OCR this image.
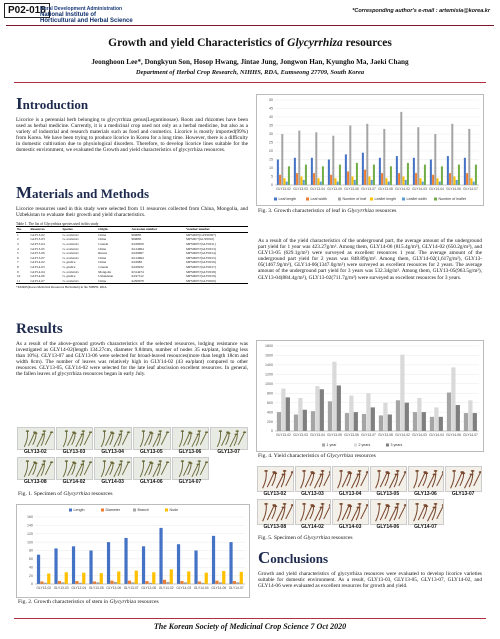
P02-018
Rural Development Administration
National Institute of
Horticultural and Herbal Science
*Corresponding author's e-mail : artemisia@korea.kr
Growth and yield Characteristics of Glycyrrhiza resources
Jeonghoon Lee*, Dongkyun Son, Hosop Hwang, Jintae Jung, Jongwon Han, Kyungho Ma, Jaeki Chang
Department of Herbal Crop Research, NIHHS, RDA, Eumseong 27709, South Korea
Introduction
Licorice is a perennial herb belonging to glycyrrhiza genus(Leguminosae). Roots and rhizomes have been used as herbal medicine. Currently, it is a medicinal crop used not only as a herbal medicine, but also as a variety of industrial and research materials such as food and cosmetics. Licorice is mostly imported(99%) from Korea. We have been trying to produce licorice in Korea for a long time. However, there is a difficulty in domestic cultivation due to physiological disorders. Therefore, to develop licorice lines suitable for the domestic environment, we evaluated the Growth and yield characteristics of glycyrrhiza resources.
Materials and Methods
Licorice resources used in this study were selected from 11 resources collected from China, Mongolia, and Uzbekistan to evaluate their growth and yield characteristics.
Table 1. The list of Glycyrrhiza species used in this study
No.	Resources	Species	Origin	Accession number	Voucher number
1	GLY13-02	G. uralensis	China	969685	MPS000?(GLY0009*)
2	GLY13-03	G. uralensis	China	969685	MPS00??(GLY0010)
3	GLY13-04	G. uralensis	Canada	K169959	MPS000??(GLY0011)
4	GLY13-05	G. uralensis	China	K124694	MPS000??(GLY0013)
5	GLY13-06	G. uralensis	Russia	K169997	MPS000??(GLY0014)
6	GLY13-07	G. uralensis	China	K124694	MPS000??(GLY0015)
7	GLY14-02	G. glabra	China	K16982	MPS000??(GLY0016)
8	GLY14-03	G. glabra	Canada	K169932	MPS000??(GLY0017)
9	GLY14-04	G. uralensis	Mongolia	K314474	MPS000??(GLY0018)
10	GLY14-06	G. glabra	Uzbekistan	K197312	MPS000??(GLY0019)
11	GLY14-07	G. uralensis	China	K299978	MPS000??(GLY0020)
*KMRIS(Korea Medicinal Resources Herbarium) in the NIHHS, RDA
Results
As a result of the above-ground growth characteristics of the selected resources, lodging resistance was investigated as GLY14-02(length 134.27cm, diameter 9.84mm, number of nodes 35 ea/plant, lodging less than 10%). GLY13-07 and GLY13-06 were selected for broad-leaved resources(more than length 18cm and width 8cm). The number of leaves was relatively high in GLY14-02 (43 ea/plant) compared to other resources. GLY13-05, GLY14-02 were selected for the late leaf abscission excellent resources. In general, the fallen leaves of glycyrrhiza resources began in early July.
GLY13-02	GLY13-03	GLY13-04	GLY13-05	GLY13-06	GLY13-07
GLY13-08	GLY14-02	GLY14-03	GLY14-06	GLY14-07
Fig. 1. Specimen of Glycyrrhiza resources
0
20
40
60
80
100
120
140
160
GLY13-02 GLY13-03 GLY13-04 GLY13-05 GLY13-06 GLY13-07 GLY13-08 GLY14-02 GLY14-03 GLY14-04 GLY14-06 GLY14-07
Length	Diameter	Branch	Node
Fig. 2. Growth characteristics of stem in Glycyrrhiza resources
0
5
10
15
20
25
30
35
40
45
50
GLY13-02 GLY13-03 GLY13-04 GLY13-05 GLY13-06 GLY13-07 GLY13-08 GLY14-02 GLY14-03 GLY14-04 GLY14-06 GLY14-07
Leaf length	Leaf width	Number of leaf Leaflet length	Leaflet width	Number of leaflet
Fig. 3. Growth characteristics of leaf in Glycyrrhiza resources
As a result of the yield characteristics of the underground part, the average amount of the underground part yield for 1 year was 423.27g/m². Among them, GLY14-06 (815.4g/m²), GLY14-02 (650.2g/m²), and GLY13-05 (629.1g/m²) were surveyed as excellent resources 1 year. The average amount of the underground part yield for 2 years was 848.89g/m². Among them, GLY14-02(1,617g/m²), GLY13-05(1467.9g/m²), GLY14-06(1347.0g/m²) were surveyed as excellent resources for 2 years. The average amount of the underground part yield for 3 years was 532.34g/m². Among them, GLY13-05(963.5g/m²), GLY13-04(884.4g/m²), GLY13-02(711.7g/m²) were surveyed as excellent resources for 3 years.
0
200
400
600
800
1000
1200
1400
1600
1800
GLY13-02 GLY13-03 GLY13-04 GLY13-05 GLY13-06 GLY13-07 GLY13-08 GLY14-02 GLY14-03 GLY14-04 GLY14-06 GLY14-07
1 year	2 years	3 years
Fig. 4. Yield characteristics of Glycyrrhiza resources
GLY13-02	GLY13-03	GLY13-04	GLY13-05	GLY13-06	GLY13-07
GLY13-08	GLY14-02	GLY14-03	GLY14-06	GLY14-07
Fig. 5. Specimen of Glycyrrhiza resources
Conclusions
Growth and yield characteristics of glycyrrhiza resources were evaluated to develop licorice varieties suitable for domestic environment. As a result, GLY13-03, GLY13-05, GLY13-07, GLY14-02, and GLY14-06 were evaluated as excellent resources for growth and yield.
The Korean Society of Medicinal Crop Science 7 Oct 2020
